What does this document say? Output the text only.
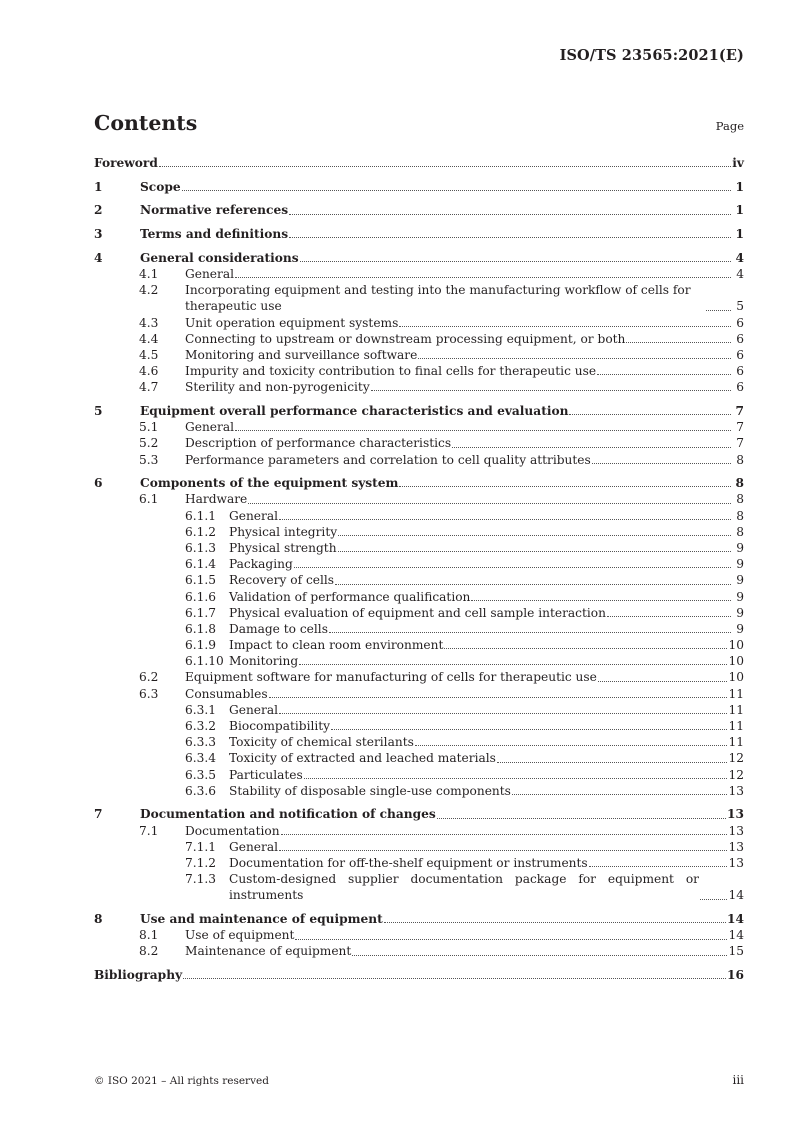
ISO/TS 23565:2021(E)
Contents	Page
Foreword	iv
1	Scope	1
2	Normative references	1
3	Terms and definitions	1
4	General considerations	4
4.1	General	4
4.2	Incorporating equipment and testing into the manufacturing workflow of cells for therapeutic use	5
4.3	Unit operation equipment systems	6
4.4	Connecting to upstream or downstream processing equipment, or both	6
4.5	Monitoring and surveillance software	6
4.6	Impurity and toxicity contribution to final cells for therapeutic use	6
4.7	Sterility and non-pyrogenicity	6
5	Equipment overall performance characteristics and evaluation	7
5.1	General	7
5.2	Description of performance characteristics	7
5.3	Performance parameters and correlation to cell quality attributes	8
6	Components of the equipment system	8
6.1	Hardware	8
6.1.1	General	8
6.1.2	Physical integrity	8
6.1.3	Physical strength	9
6.1.4	Packaging	9
6.1.5	Recovery of cells	9
6.1.6	Validation of performance qualification	9
6.1.7	Physical evaluation of equipment and cell sample interaction	9
6.1.8	Damage to cells	9
6.1.9	Impact to clean room environment	10
6.1.10 Monitoring	10
6.2	Equipment software for manufacturing of cells for therapeutic use	10
6.3	Consumables	11
6.3.1	General	11
6.3.2	Biocompatibility	11
6.3.3	Toxicity of chemical sterilants	11
6.3.4	Toxicity of extracted and leached materials	12
6.3.5	Particulates	12
6.3.6	Stability of disposable single-use components	13
7	Documentation and notification of changes	13
7.1	Documentation	13
7.1.1	General	13
7.1.2	Documentation for off-the-shelf equipment or instruments	13
7.1.3	Custom-designed supplier documentation package for equipment or instruments	14
8	Use and maintenance of equipment	14
8.1	Use of equipment	14
8.2	Maintenance of equipment	15
Bibliography	16
© ISO 2021 – All rights reserved	iii
